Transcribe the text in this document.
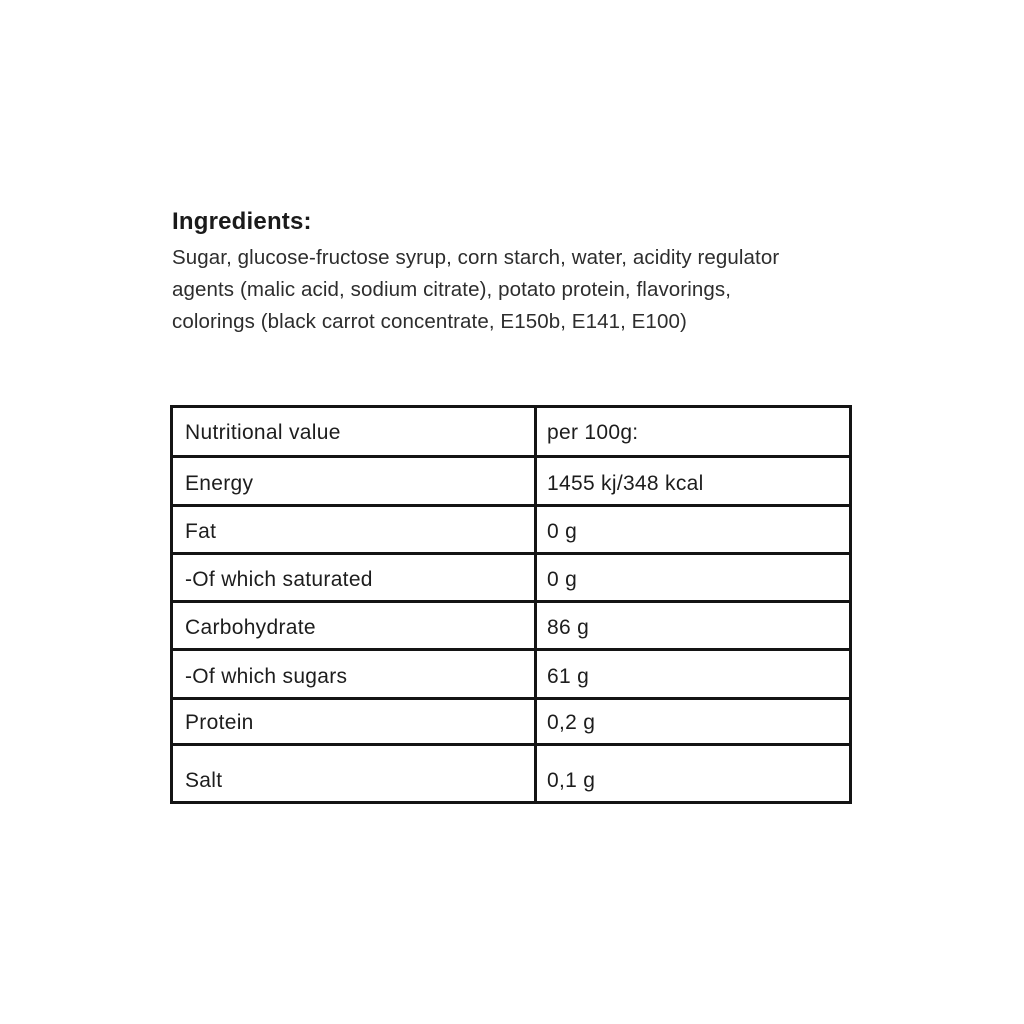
Ingredients:
Sugar, glucose-fructose syrup, corn starch, water, acidity regulator
agents (malic acid, sodium citrate), potato protein, flavorings,
colorings (black carrot concentrate, E150b, E141, E100)
Nutritional value	per 100g:
Energy	1455 kj/348 kcal
Fat	0 g
-Of which saturated	0 g
Carbohydrate	86 g
-Of which sugars	61 g
Protein	0,2 g
Salt	0,1 g
